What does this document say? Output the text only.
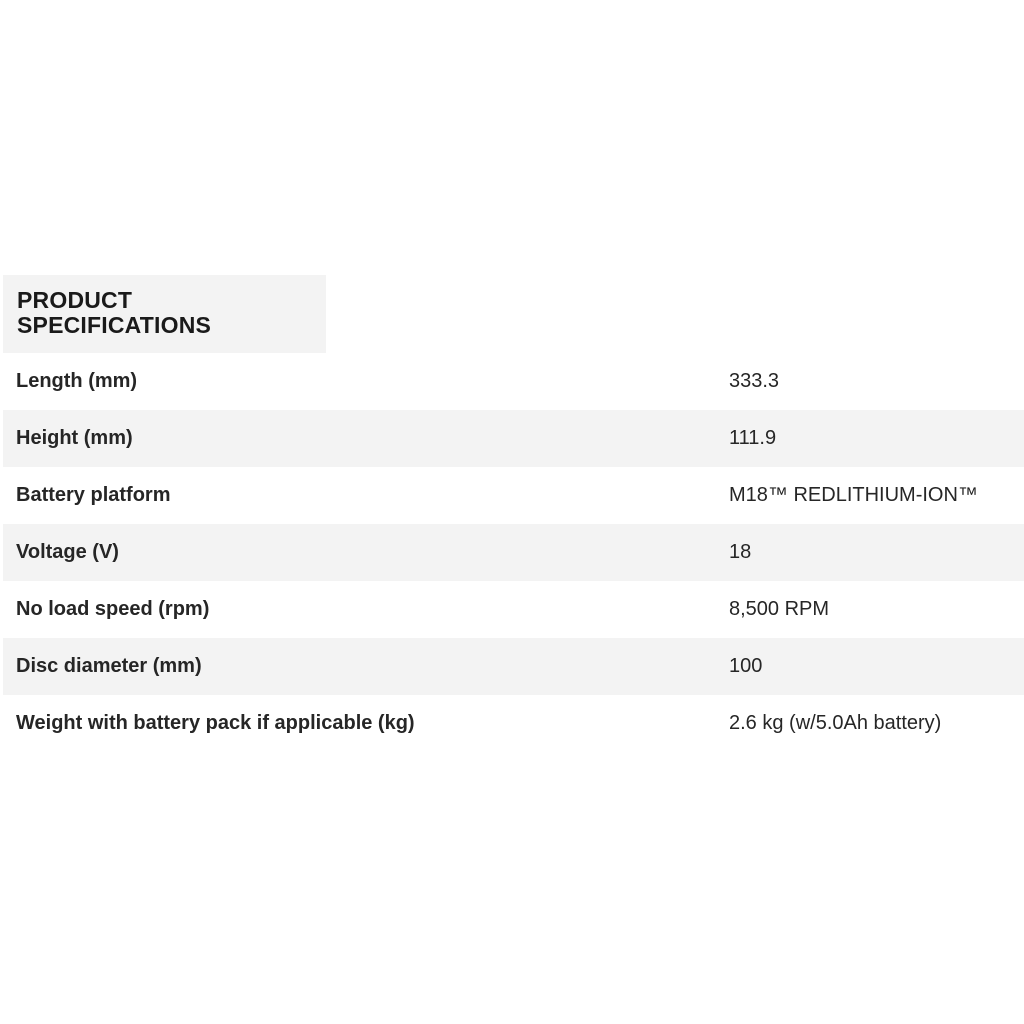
PRODUCT SPECIFICATIONS
Length (mm)	333.3
Height (mm)	111.9
Battery platform	M18™ REDLITHIUM-ION™
Voltage (V)	18
No load speed (rpm)	8,500 RPM
Disc diameter (mm)	100
Weight with battery pack if applicable (kg)	2.6 kg (w/5.0Ah battery)
